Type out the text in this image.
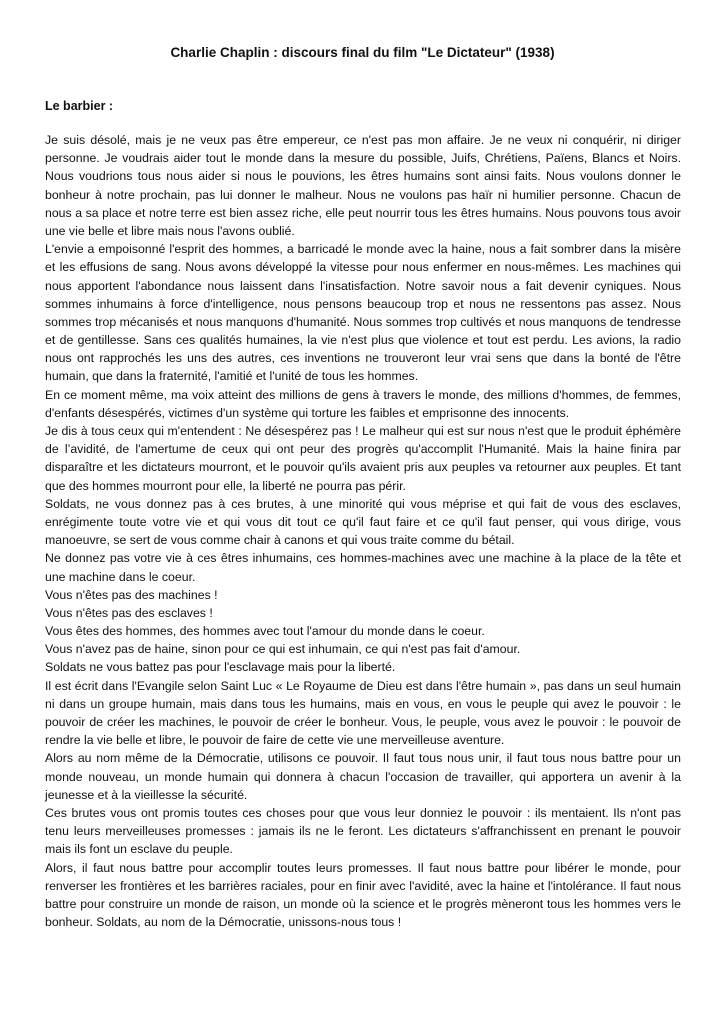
Charlie Chaplin : discours final du film "Le Dictateur" (1938)

Le barbier :

Je suis désolé, mais je ne veux pas être empereur, ce n'est pas mon affaire. Je ne veux ni conquérir, ni diriger personne. Je voudrais aider tout le monde dans la mesure du possible, Juifs, Chrétiens, Païens, Blancs et Noirs. Nous voudrions tous nous aider si nous le pouvions, les êtres humains sont ainsi faits. Nous voulons donner le bonheur à notre prochain, pas lui donner le malheur. Nous ne voulons pas haïr ni humilier personne. Chacun de nous a sa place et notre terre est bien assez riche, elle peut nourrir tous les êtres humains. Nous pouvons tous avoir une vie belle et libre mais nous l'avons oublié.

L'envie a empoisonné l'esprit des hommes, a barricadé le monde avec la haine, nous a fait sombrer dans la misère et les effusions de sang. Nous avons développé la vitesse pour nous enfermer en nous-mêmes. Les machines qui nous apportent l'abondance nous laissent dans l'insatisfaction. Notre savoir nous a fait devenir cyniques. Nous sommes inhumains à force d'intelligence, nous pensons beaucoup trop et nous ne ressentons pas assez. Nous sommes trop mécanisés et nous manquons d'humanité. Nous sommes trop cultivés et nous manquons de tendresse et de gentillesse. Sans ces qualités humaines, la vie n'est plus que violence et tout est perdu. Les avions, la radio nous ont rapprochés les uns des autres, ces inventions ne trouveront leur vrai sens que dans la bonté de l'être humain, que dans la fraternité, l'amitié et l'unité de tous les hommes.

En ce moment même, ma voix atteint des millions de gens à travers le monde, des millions d'hommes, de femmes, d'enfants désespérés, victimes d'un système qui torture les faibles et emprisonne des innocents.

Je dis à tous ceux qui m'entendent : Ne désespérez pas ! Le malheur qui est sur nous n'est que le produit éphémère de l’avidité, de l'amertume de ceux qui ont peur des progrès qu'accomplit l'Humanité. Mais la haine finira par disparaître et les dictateurs mourront, et le pouvoir qu'ils avaient pris aux peuples va retourner aux peuples. Et tant que des hommes mourront pour elle, la liberté ne pourra pas périr.

Soldats, ne vous donnez pas à ces brutes, à une minorité qui vous méprise et qui fait de vous des esclaves, enrégimente toute votre vie et qui vous dit tout ce qu'il faut faire et ce qu'il faut penser, qui vous dirige, vous manoeuvre, se sert de vous comme chair à canons et qui vous traite comme du bétail.

Ne donnez pas votre vie à ces êtres inhumains, ces hommes-machines avec une machine à la place de la tête et une machine dans le coeur.

Vous n'êtes pas des machines !

Vous n'êtes pas des esclaves !

Vous êtes des hommes, des hommes avec tout l'amour du monde dans le coeur.

Vous n'avez pas de haine, sinon pour ce qui est inhumain, ce qui n'est pas fait d'amour.

Soldats ne vous battez pas pour l'esclavage mais pour la liberté.

Il est écrit dans l'Evangile selon Saint Luc « Le Royaume de Dieu est dans l'être humain », pas dans un seul humain ni dans un groupe humain, mais dans tous les humains, mais en vous, en vous le peuple qui avez le pouvoir : le pouvoir de créer les machines, le pouvoir de créer le bonheur. Vous, le peuple, vous avez le pouvoir : le pouvoir de rendre la vie belle et libre, le pouvoir de faire de cette vie une merveilleuse aventure.

Alors au nom même de la Démocratie, utilisons ce pouvoir. Il faut tous nous unir, il faut tous nous battre pour un monde nouveau, un monde humain qui donnera à chacun l'occasion de travailler, qui apportera un avenir à la jeunesse et à la vieillesse la sécurité.

Ces brutes vous ont promis toutes ces choses pour que vous leur donniez le pouvoir : ils mentaient. Ils n'ont pas tenu leurs merveilleuses promesses : jamais ils ne le feront. Les dictateurs s'affranchissent en prenant le pouvoir mais ils font un esclave du peuple.

Alors, il faut nous battre pour accomplir toutes leurs promesses. Il faut nous battre pour libérer le monde, pour renverser les frontières et les barrières raciales, pour en finir avec l'avidité, avec la haine et l'intolérance. Il faut nous battre pour construire un monde de raison, un monde où la science et le progrès mèneront tous les hommes vers le bonheur. Soldats, au nom de la Démocratie, unissons-nous tous !
